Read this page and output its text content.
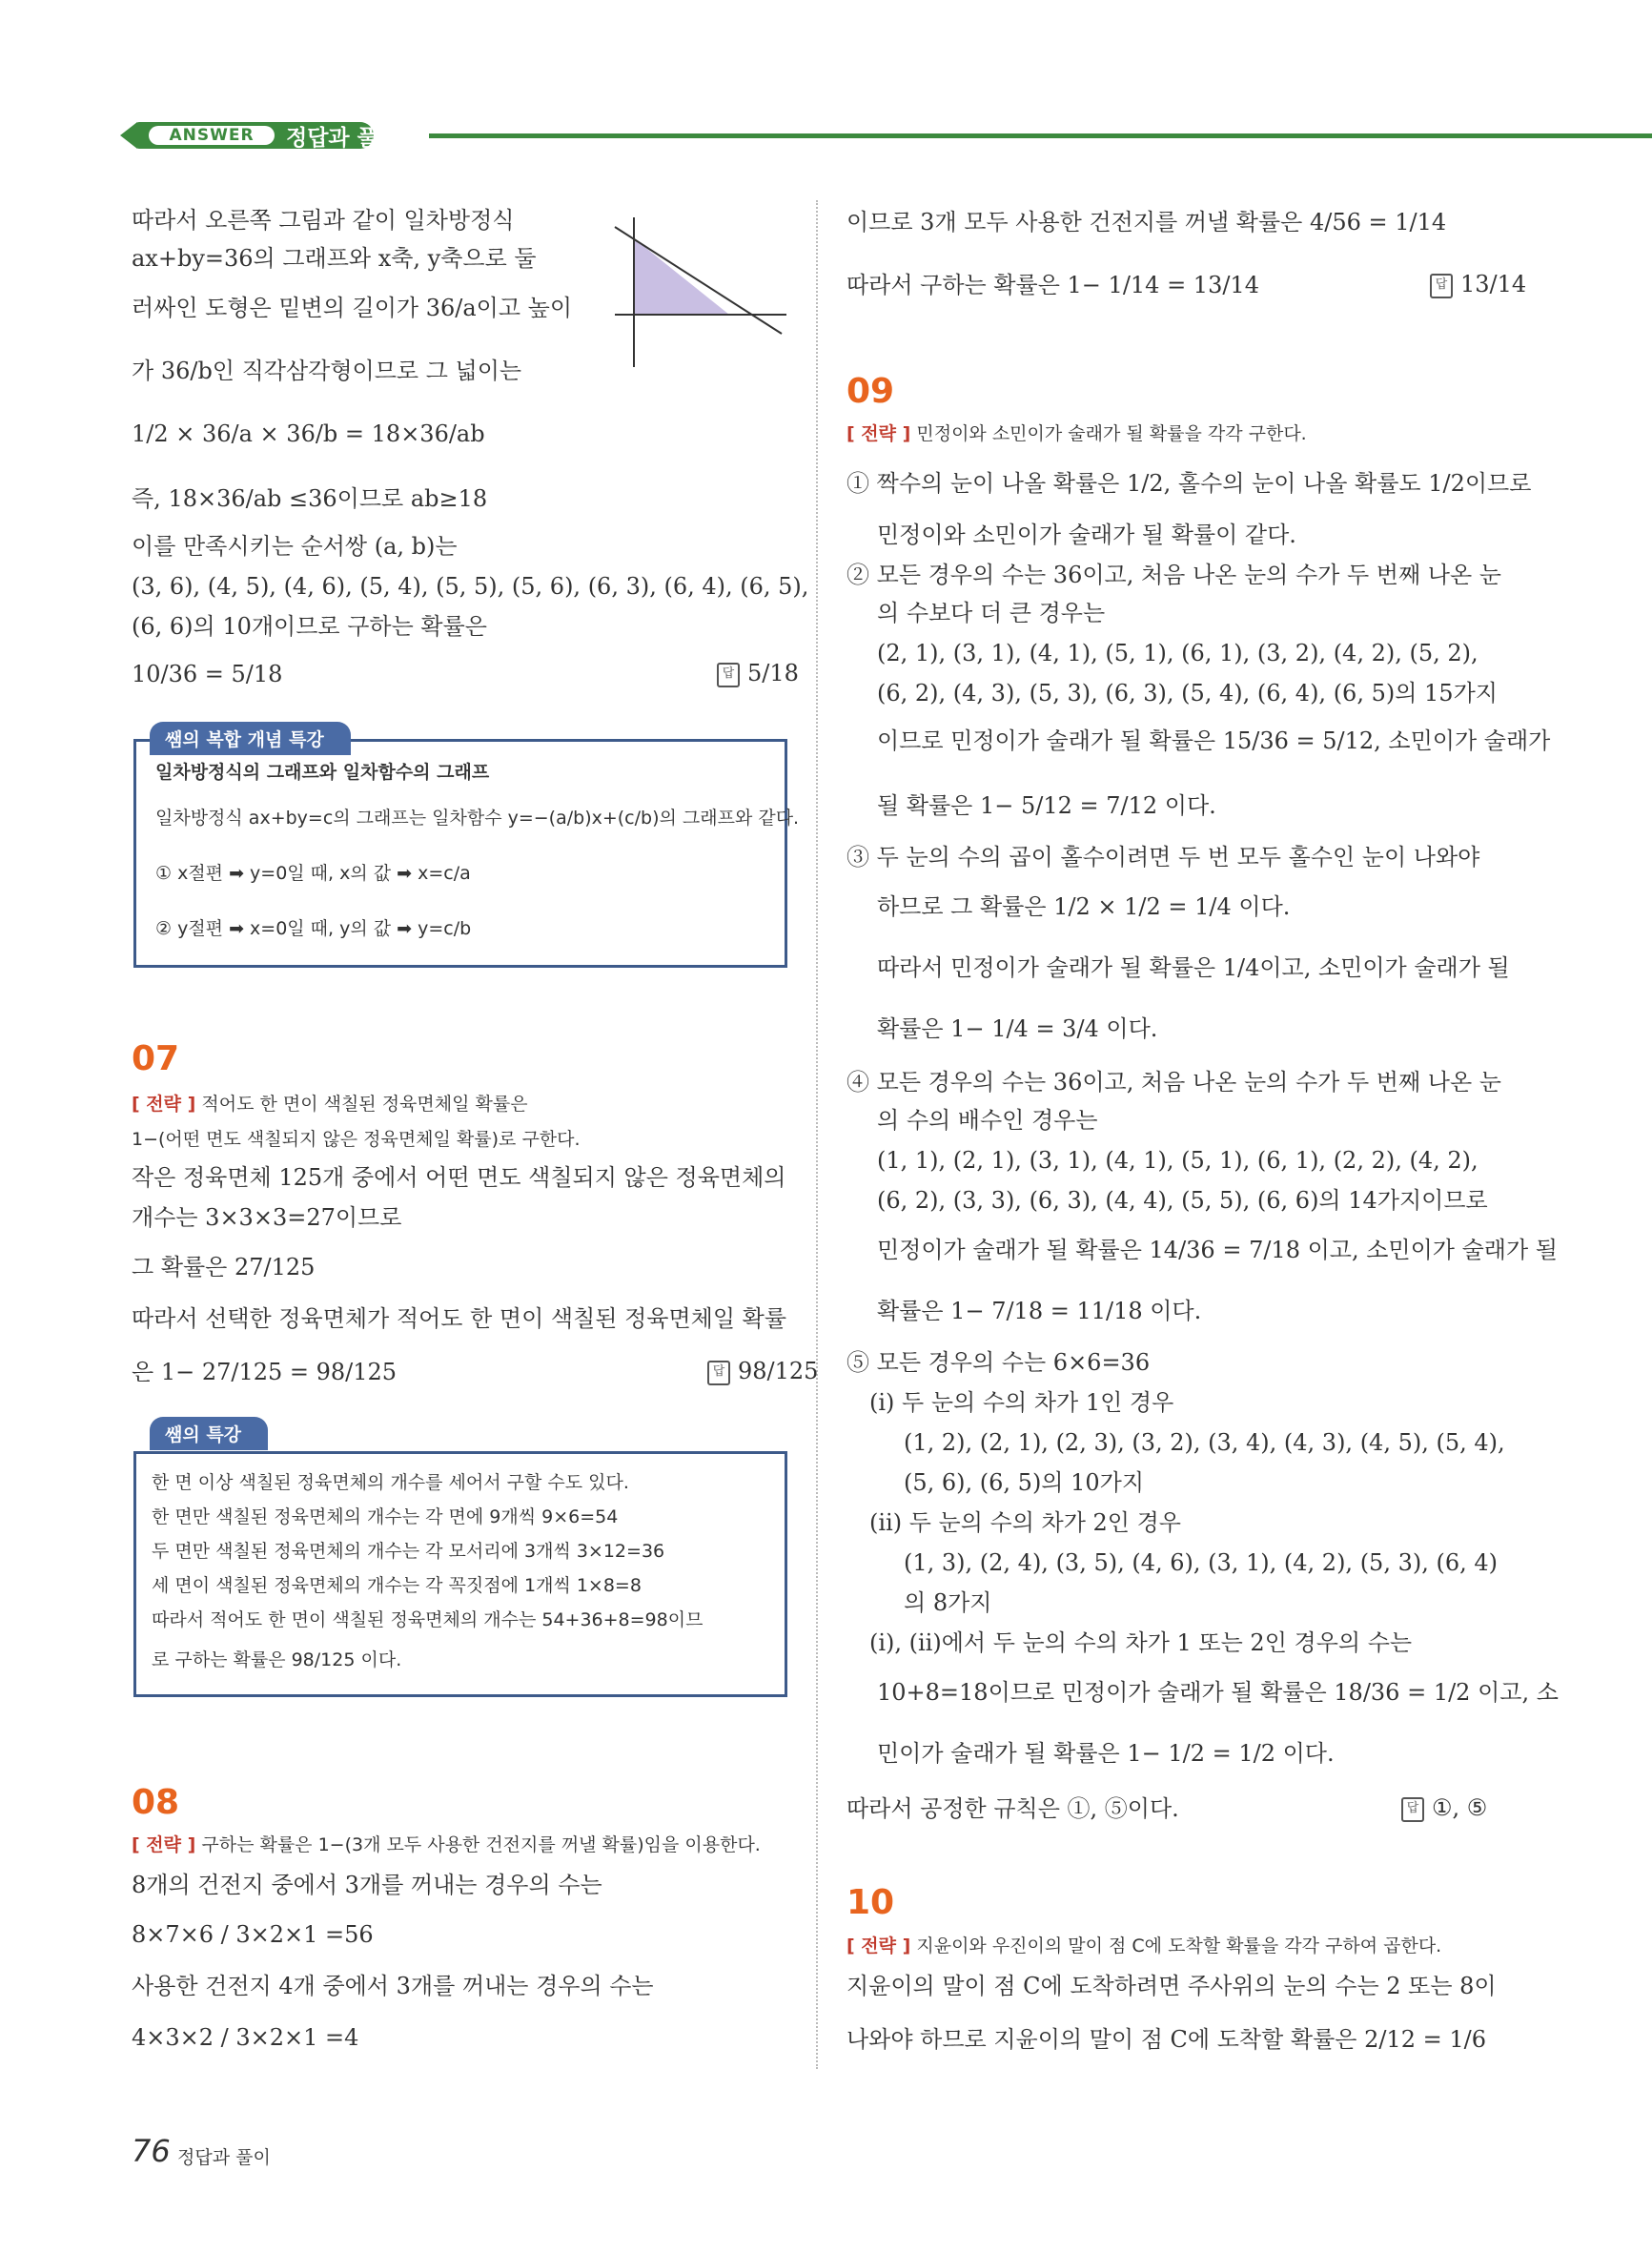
ANSWER	정답과 풀이
따라서 오른쪽 그림과 같이 일차방정식
ax+by=36의 그래프와 x축, y축으로 둘
러싸인 도형은 밑변의 길이가 36/a이고 높이
가 36/b인 직각삼각형이므로 그 넓이는
1/2 × 36/a × 36/b = 18×36/ab
즉, 18×36/ab ≤36이므로 ab≥18
이를 만족시키는 순서쌍 (a, b)는
(3, 6), (4, 5), (4, 6), (5, 4), (5, 5), (5, 6), (6, 3), (6, 4), (6, 5),
(6, 6)의 10개이므로 구하는 확률은
10/36 = 5/18	답 5/18
쌤의 복합 개념 특강
일차방정식의 그래프와 일차함수의 그래프
일차방정식 ax+by=c의 그래프는 일차함수 y=−(a/b)x+(c/b)의 그래프와 같다.
① x절편 ➡ y=0일 때, x의 값 ➡ x=c/a
② y절편 ➡ x=0일 때, y의 값 ➡ y=c/b
07
[ 전략 ] 적어도 한 면이 색칠된 정육면체일 확률은
1−(어떤 면도 색칠되지 않은 정육면체일 확률)로 구한다.
작은 정육면체 125개 중에서 어떤 면도 색칠되지 않은 정육면체의
개수는 3×3×3=27이므로
그 확률은 27/125
따라서 선택한 정육면체가 적어도 한 면이 색칠된 정육면체일 확률
은 1− 27/125 = 98/125	답 98/125
쌤의 특강
한 면 이상 색칠된 정육면체의 개수를 세어서 구할 수도 있다.
한 면만 색칠된 정육면체의 개수는 각 면에 9개씩 9×6=54
두 면만 색칠된 정육면체의 개수는 각 모서리에 3개씩 3×12=36
세 면이 색칠된 정육면체의 개수는 각 꼭짓점에 1개씩 1×8=8
따라서 적어도 한 면이 색칠된 정육면체의 개수는 54+36+8=98이므
로 구하는 확률은 98/125 이다.
08
[ 전략 ] 구하는 확률은 1−(3개 모두 사용한 건전지를 꺼낼 확률)임을 이용한다.
8개의 건전지 중에서 3개를 꺼내는 경우의 수는
8×7×6 / 3×2×1 =56
사용한 건전지 4개 중에서 3개를 꺼내는 경우의 수는
4×3×2 / 3×2×1 =4
이므로 3개 모두 사용한 건전지를 꺼낼 확률은 4/56 = 1/14
따라서 구하는 확률은 1− 1/14 = 13/14	답 13/14
09
[ 전략 ] 민정이와 소민이가 술래가 될 확률을 각각 구한다.
① 짝수의 눈이 나올 확률은 1/2, 홀수의 눈이 나올 확률도 1/2이므로
민정이와 소민이가 술래가 될 확률이 같다.
② 모든 경우의 수는 36이고, 처음 나온 눈의 수가 두 번째 나온 눈
의 수보다 더 큰 경우는
(2, 1), (3, 1), (4, 1), (5, 1), (6, 1), (3, 2), (4, 2), (5, 2),
(6, 2), (4, 3), (5, 3), (6, 3), (5, 4), (6, 4), (6, 5)의 15가지
이므로 민정이가 술래가 될 확률은 15/36 = 5/12, 소민이가 술래가
될 확률은 1− 5/12 = 7/12 이다.
③ 두 눈의 수의 곱이 홀수이려면 두 번 모두 홀수인 눈이 나와야
하므로 그 확률은 1/2 × 1/2 = 1/4 이다.
따라서 민정이가 술래가 될 확률은 1/4이고, 소민이가 술래가 될
확률은 1− 1/4 = 3/4 이다.
④ 모든 경우의 수는 36이고, 처음 나온 눈의 수가 두 번째 나온 눈
의 수의 배수인 경우는
(1, 1), (2, 1), (3, 1), (4, 1), (5, 1), (6, 1), (2, 2), (4, 2),
(6, 2), (3, 3), (6, 3), (4, 4), (5, 5), (6, 6)의 14가지이므로
민정이가 술래가 될 확률은 14/36 = 7/18 이고, 소민이가 술래가 될
확률은 1− 7/18 = 11/18 이다.
⑤ 모든 경우의 수는 6×6=36
(ⅰ) 두 눈의 수의 차가 1인 경우
(1, 2), (2, 1), (2, 3), (3, 2), (3, 4), (4, 3), (4, 5), (5, 4),
(5, 6), (6, 5)의 10가지
(ⅱ) 두 눈의 수의 차가 2인 경우
(1, 3), (2, 4), (3, 5), (4, 6), (3, 1), (4, 2), (5, 3), (6, 4)
의 8가지
(ⅰ), (ⅱ)에서 두 눈의 수의 차가 1 또는 2인 경우의 수는
10+8=18이므로 민정이가 술래가 될 확률은 18/36 = 1/2 이고, 소
민이가 술래가 될 확률은 1− 1/2 = 1/2 이다.
따라서 공정한 규칙은 ①, ⑤이다.	답 ①, ⑤
10
[ 전략 ] 지윤이와 우진이의 말이 점 C에 도착할 확률을 각각 구하여 곱한다.
지윤이의 말이 점 C에 도착하려면 주사위의 눈의 수는 2 또는 8이
나와야 하므로 지윤이의 말이 점 C에 도착할 확률은 2/12 = 1/6
76 정답과 풀이
